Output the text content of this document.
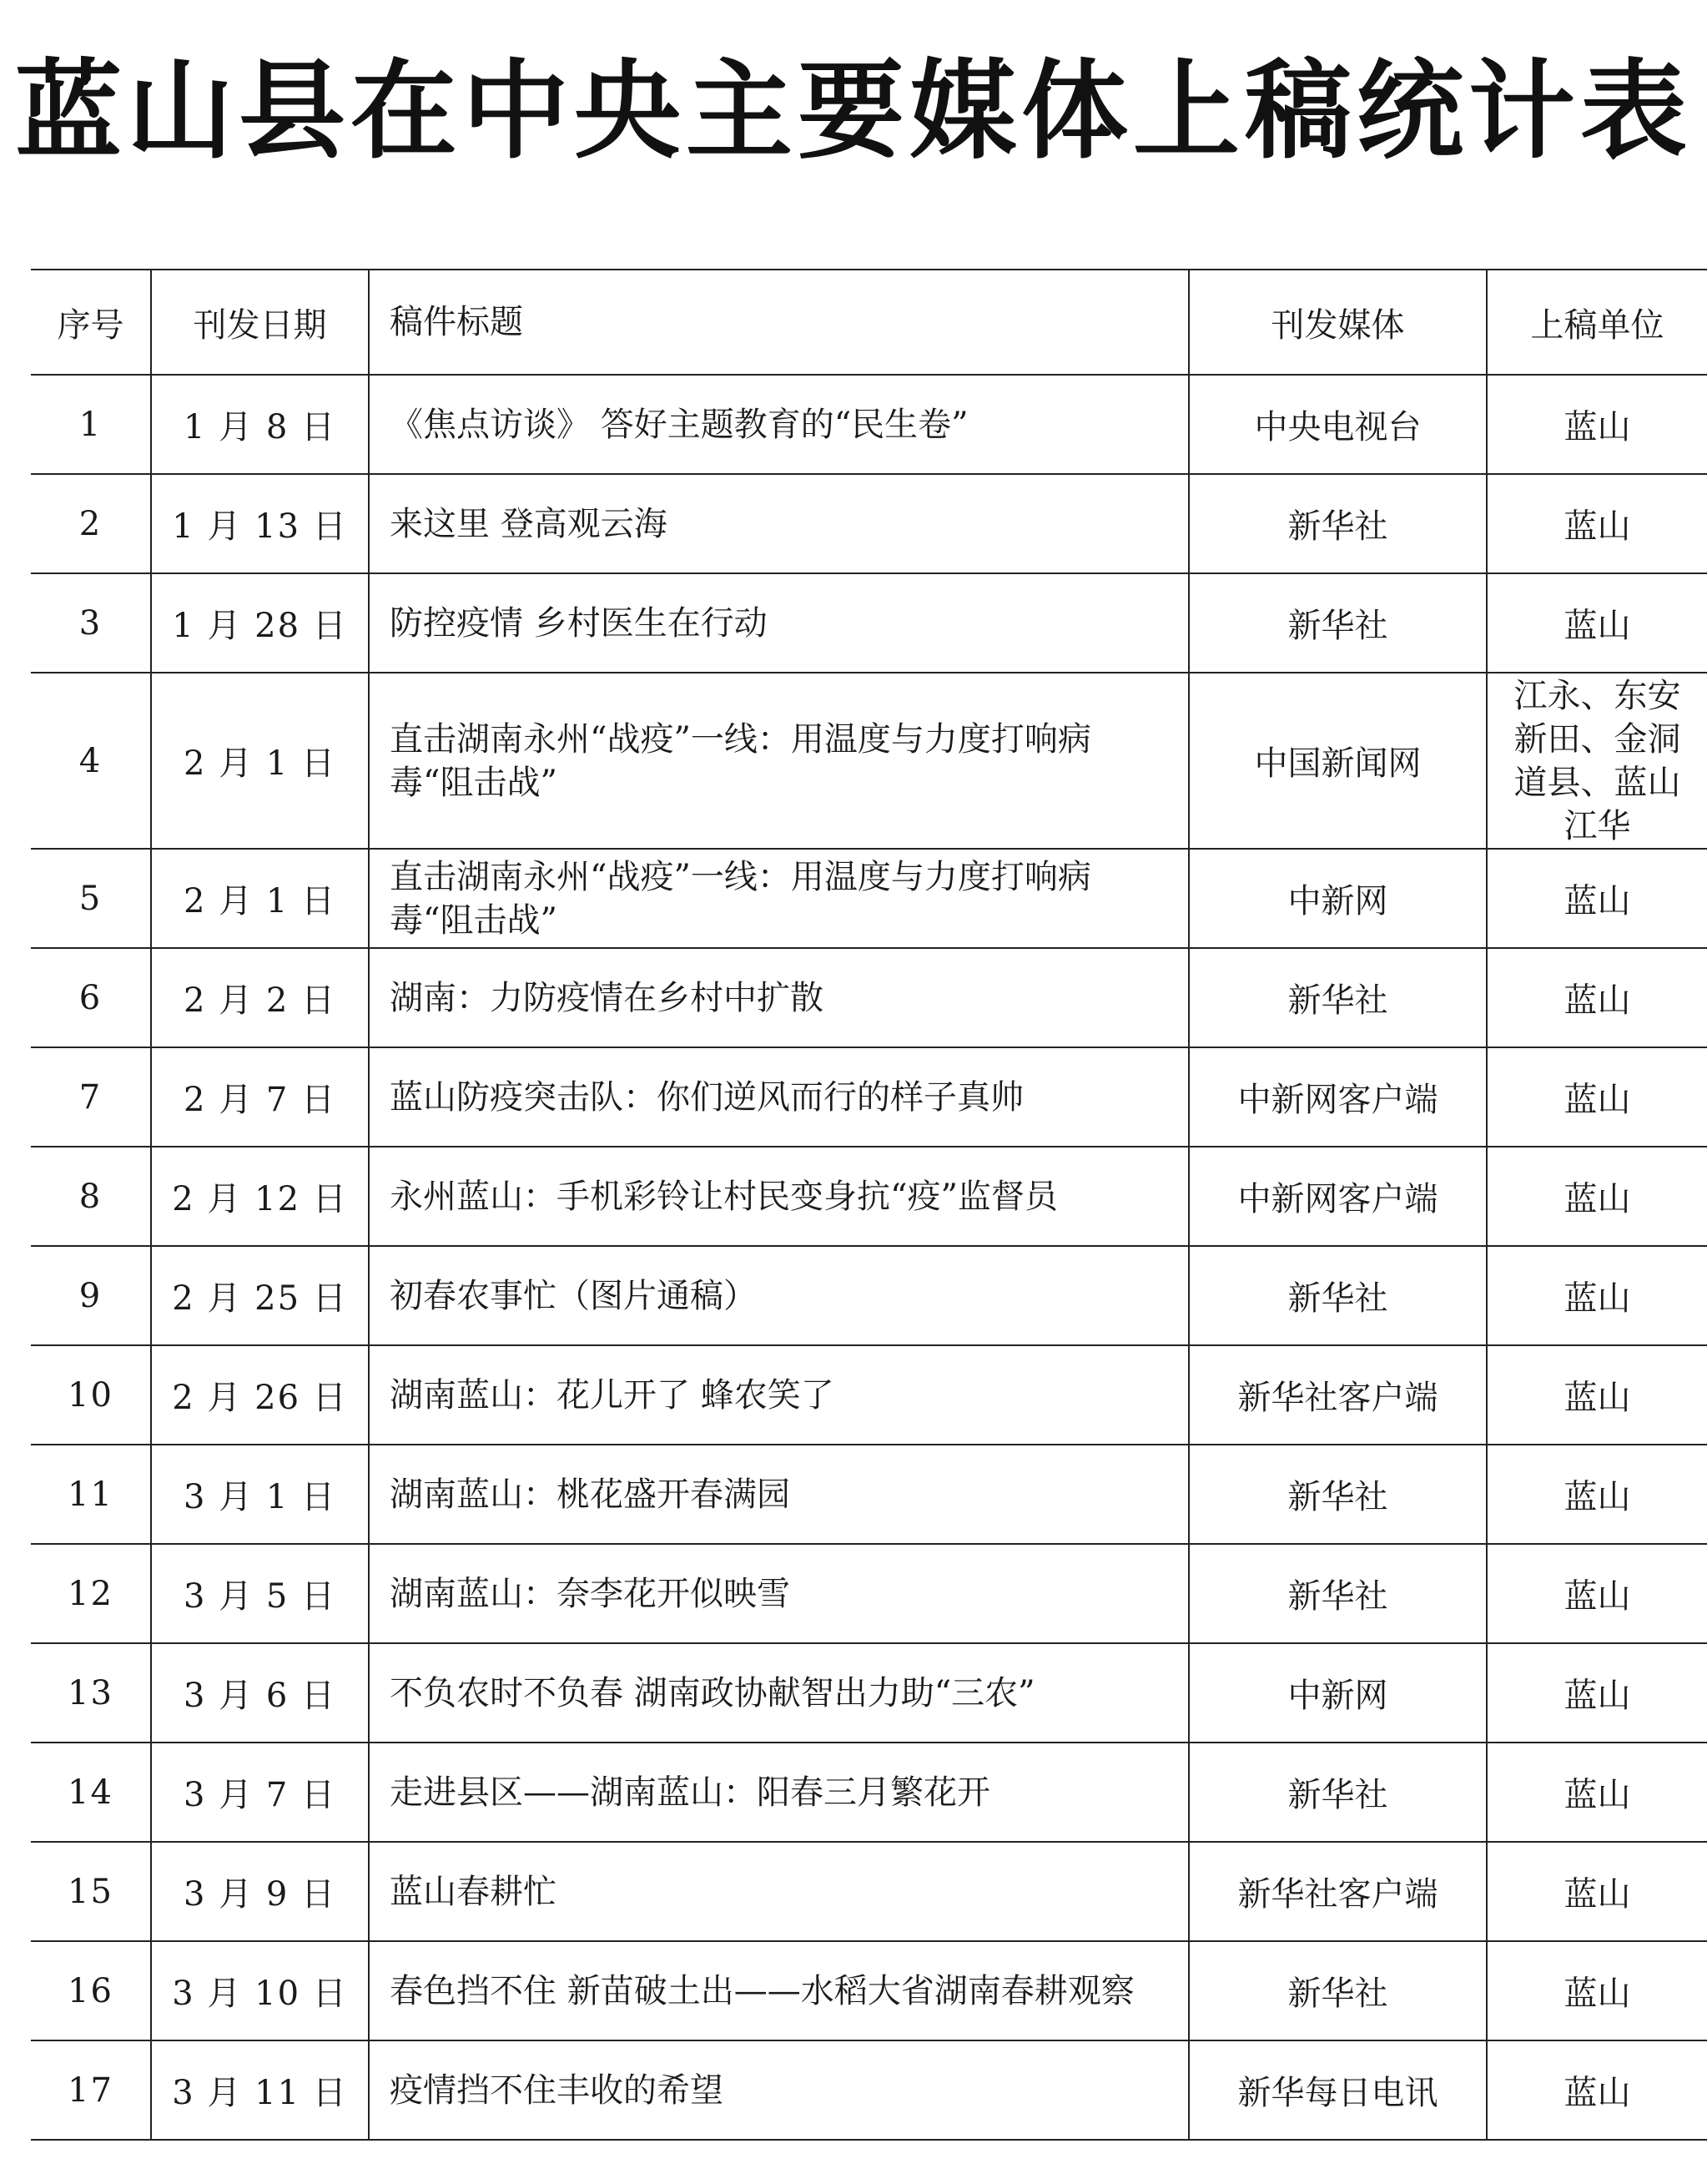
蓝山县在中央主要媒体上稿统计表
序号	刊发日期	稿件标题	刊发媒体	上稿单位
1	1 月 8 日	《焦点访谈》 答好主题教育的“民生卷”	中央电视台	蓝山
2	1 月 13 日	来这里 登高观云海	新华社	蓝山
3	1 月 28 日	防控疫情 乡村医生在行动	新华社	蓝山
4	2 月 1 日	直击湖南永州“战疫”一线：用温度与力度打响病毒“阻击战”	中国新闻网	江永、东安
新田、金洞
道县、蓝山
江华

5	2 月 1 日	直击湖南永州“战疫”一线：用温度与力度打响病毒“阻击战”	中新网	蓝山
6	2 月 2 日	湖南：力防疫情在乡村中扩散	新华社	蓝山
7	2 月 7 日	蓝山防疫突击队：你们逆风而行的样子真帅	中新网客户端	蓝山
8	2 月 12 日	永州蓝山：手机彩铃让村民变身抗“疫”监督员	中新网客户端	蓝山
9	2 月 25 日	初春农事忙（图片通稿）	新华社	蓝山
10	2 月 26 日	湖南蓝山：花儿开了 蜂农笑了	新华社客户端	蓝山
11	3 月 1 日	湖南蓝山：桃花盛开春满园	新华社	蓝山
12	3 月 5 日	湖南蓝山：奈李花开似映雪	新华社	蓝山
13	3 月 6 日	不负农时不负春 湖南政协献智出力助“三农”	中新网	蓝山
14	3 月 7 日	走进县区——湖南蓝山：阳春三月繁花开	新华社	蓝山
15	3 月 9 日	蓝山春耕忙	新华社客户端	蓝山
16	3 月 10 日	春色挡不住 新苗破土出——水稻大省湖南春耕观察	新华社	蓝山
17	3 月 11 日	疫情挡不住丰收的希望	新华每日电讯	蓝山
